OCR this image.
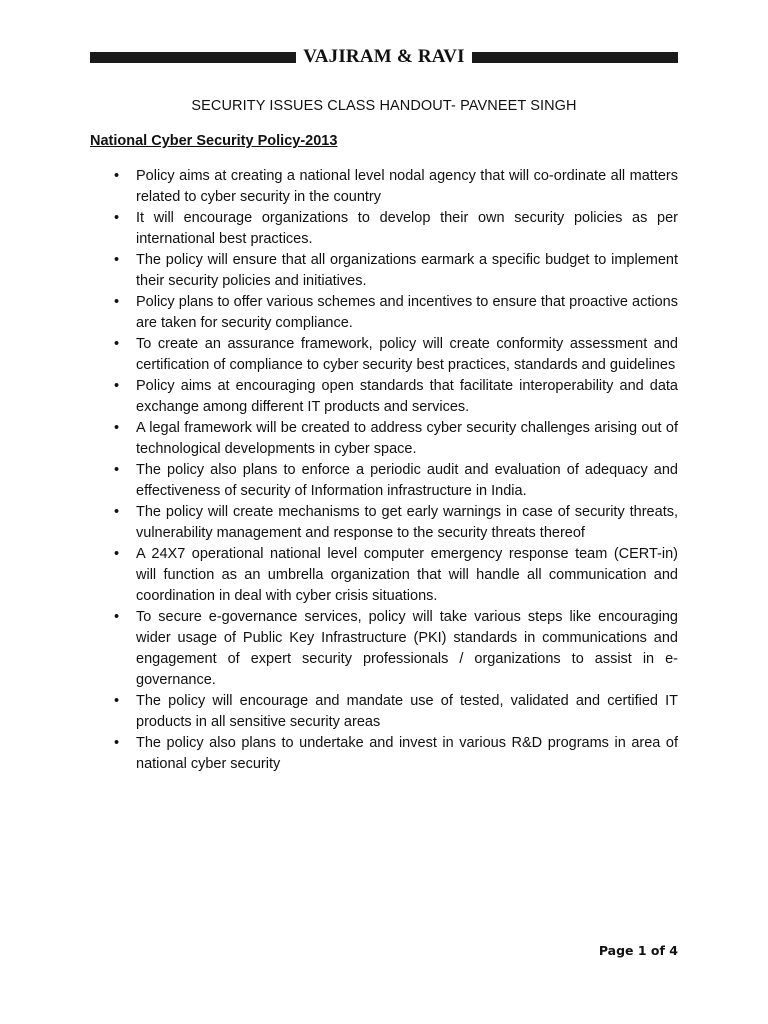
VAJIRAM & RAVI
SECURITY ISSUES CLASS HANDOUT- PAVNEET SINGH
National Cyber Security Policy-2013
• Policy aims at creating a national level nodal agency that will co-ordinate all matters related to cyber security in the country
• It will encourage organizations to develop their own security policies as per international best practices.
• The policy will ensure that all organizations earmark a specific budget to implement their security policies and initiatives.
• Policy plans to offer various schemes and incentives to ensure that proactive actions are taken for security compliance.
• To create an assurance framework, policy will create conformity assessment and certification of compliance to cyber security best practices, standards and guidelines
• Policy aims at encouraging open standards that facilitate interoperability and data exchange among different IT products and services.
• A legal framework will be created to address cyber security challenges arising out of technological developments in cyber space.
• The policy also plans to enforce a periodic audit and evaluation of adequacy and effectiveness of security of Information infrastructure in India.
• The policy will create mechanisms to get early warnings in case of security threats, vulnerability management and response to the security threats thereof
• A 24X7 operational national level computer emergency response team (CERT-in) will function as an umbrella organization that will handle all communication and coordination in deal with cyber crisis situations.
• To secure e-governance services, policy will take various steps like encouraging wider usage of Public Key Infrastructure (PKI) standards in communications and engagement of expert security professionals / organizations to assist in e-governance.
• The policy will encourage and mandate use of tested, validated and certified IT products in all sensitive security areas
• The policy also plans to undertake and invest in various R&D programs in area of national cyber security
Page 1 of 4
